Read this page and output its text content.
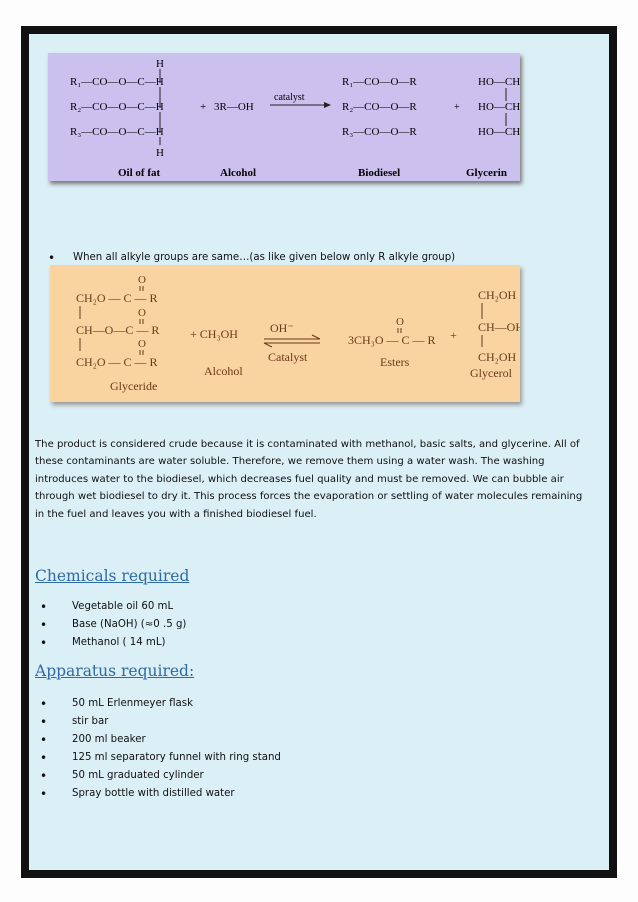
H
R₁—CO—O—C—H
R₂—CO—O—C—H
R₃—CO—O—C—H
H
+ 3R—OH
catalyst
R₁—CO—O—R
R₂—CO—O—R
R₃—CO—O—R
+
HO—CH₂
HO—CH
HO—CH₂
Oil of fat	Alcohol	Biodiesel	Glycerin
• When all alkyle groups are same…(as like given below only R alkyle group)
O
CH₂O — C — R
O
CH—O—C — R
O
CH₂O — C — R
Glyceride
+ CH₃OH
Alcohol
OH⁻
Catalyst
O
3CH₃O — C — R
Esters
+
CH₂OH
CH—OH
CH₂OH
Glycerol
The product is considered crude because it is contaminated with methanol, basic salts, and glycerine. All of these contaminants are water soluble. Therefore, we remove them using a water wash. The washing introduces water to the biodiesel, which decreases fuel quality and must be removed. We can bubble air through wet biodiesel to dry it. This process forces the evaporation or settling of water molecules remaining in the fuel and leaves you with a finished biodiesel fuel.
Chemicals required
• Vegetable oil 60 mL
• Base (NaOH) (≈0 .5 g)
• Methanol ( 14 mL)
Apparatus required:
• 50 mL Erlenmeyer flask
• stir bar
• 200 ml beaker
• 125 ml separatory funnel with ring stand
• 50 mL graduated cylinder
• Spray bottle with distilled water
